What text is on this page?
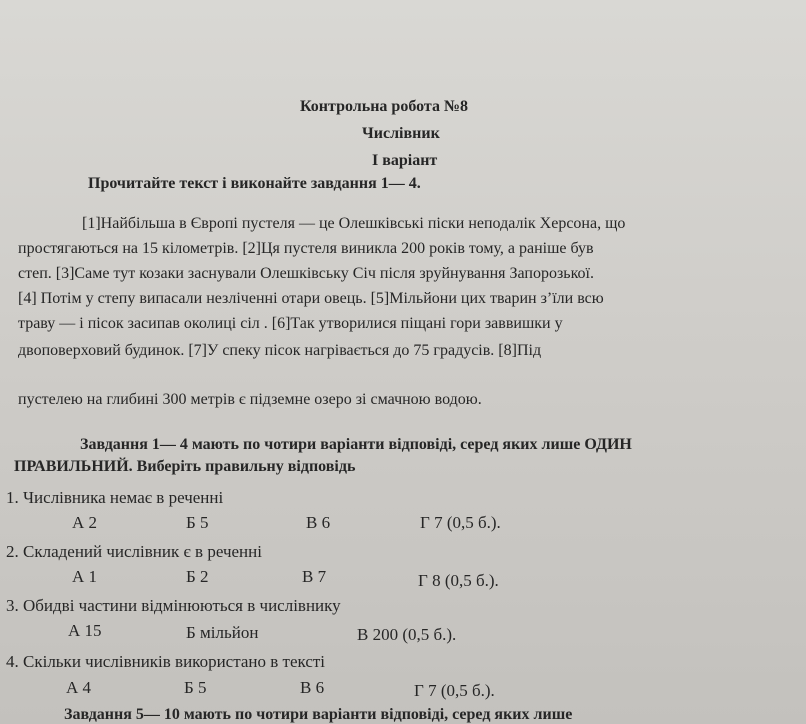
Контрольна робота №8
Числівник
І варіант
Прочитайте текст і виконайте завдання 1— 4.
[1]Найбільша в Європі пустеля — це Олешківські піски неподалік Херсона, що
простягаються на 15 кілометрів. [2]Ця пустеля виникла 200 років тому, а раніше був
степ. [3]Саме тут козаки заснували Олешківську Січ після зруйнування Запорозької.
[4] Потім у степу випасали незліченні отари овець. [5]Мільйони цих тварин з’їли всю
траву — і пісок засипав околиці сіл . [6]Так утворилися піщані гори заввишки у
двоповерховий будинок. [7]У спеку пісок нагрівається до 75 градусів. [8]Під
пустелею на глибині 300 метрів є підземне озеро зі смачною водою.
Завдання 1— 4 мають по чотири варіанти відповіді, серед яких лише ОДИН
ПРАВИЛЬНИЙ. Виберіть правильну відповідь
1. Числівника немає в реченні
А 2	Б 5	В 6	Г 7 (0,5 б.).
2. Складений числівник є в реченні
А 1	Б 2	В 7	Г 8 (0,5 б.).
3. Обидві частини відмінюються в числівнику
А 15	Б мільйон	В 200 (0,5 б.).
4. Скільки числівників використано в тексті
А 4	Б 5	В 6	Г 7 (0,5 б.).
Завдання 5— 10 мають по чотири варіанти відповіді, серед яких лише
